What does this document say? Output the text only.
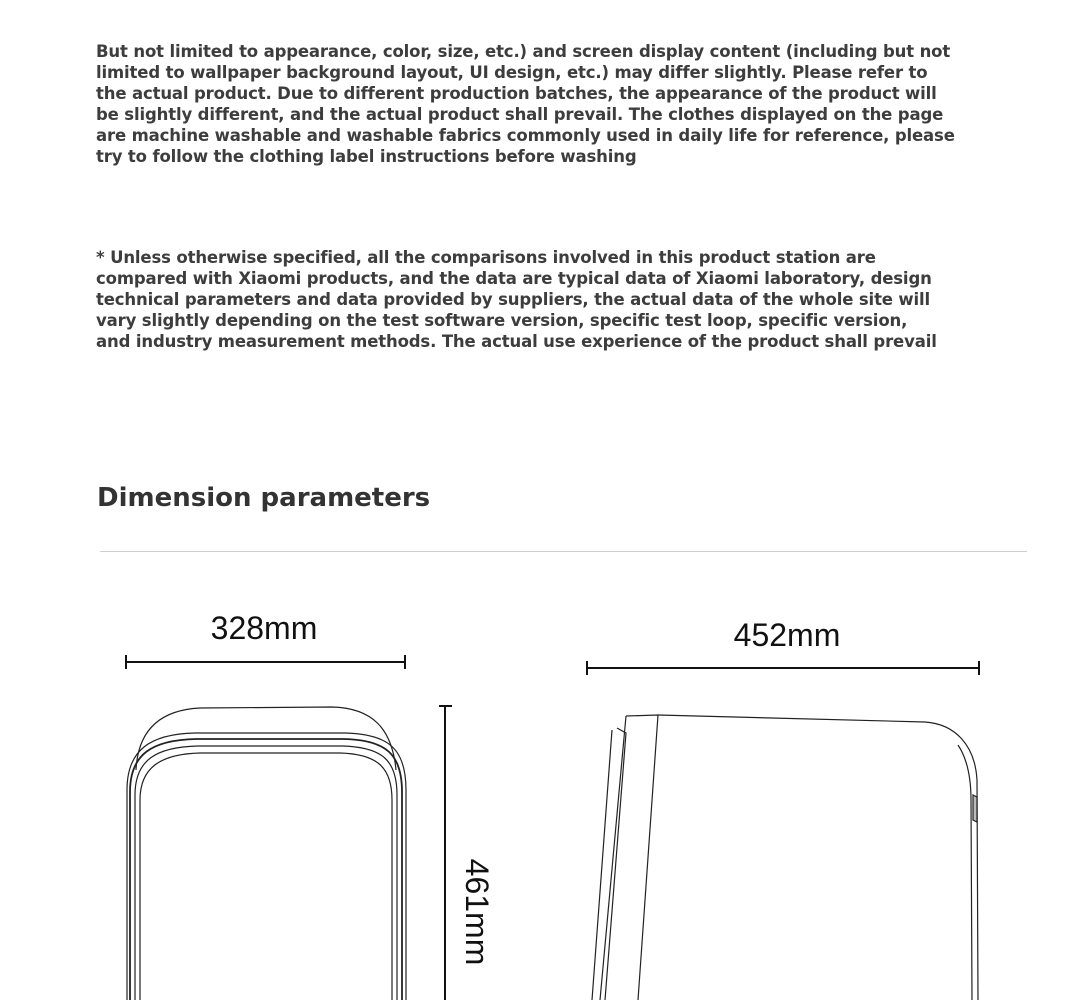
But not limited to appearance, color, size, etc.) and screen display content (including but not limited to wallpaper background layout, UI design, etc.) may differ slightly. Please refer to the actual product. Due to different production batches, the appearance of the product will be slightly different, and the actual product shall prevail. The clothes displayed on the page are machine washable and washable fabrics commonly used in daily life for reference, please try to follow the clothing label instructions before washing

* Unless otherwise specified, all the comparisons involved in this product station are compared with Xiaomi products, and the data are typical data of Xiaomi laboratory, design technical parameters and data provided by suppliers, the actual data of the whole site will vary slightly depending on the test software version, specific test loop, specific version, and industry measurement methods. The actual use experience of the product shall prevail

Dimension parameters
328mm	452mm
461mm
